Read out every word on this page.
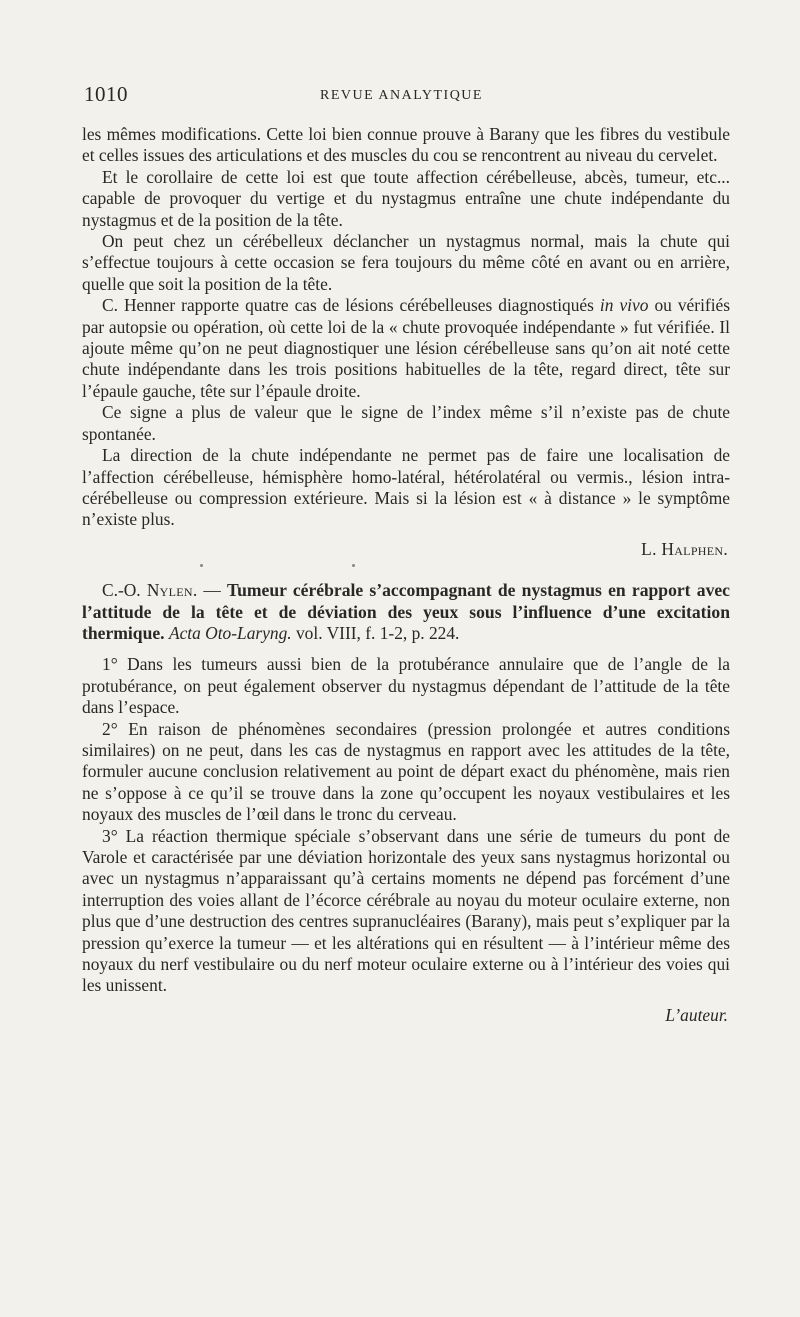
1010	REVUE ANALYTIQUE

les mêmes modifications. Cette loi bien connue prouve à Barany que les fibres du vestibule et celles issues des articulations et des muscles du cou se rencontrent au niveau du cervelet.

Et le corollaire de cette loi est que toute affection cérébelleuse, abcès, tumeur, etc... capable de provoquer du vertige et du nystagmus entraîne une chute indépendante du nystagmus et de la position de la tête.

On peut chez un cérébelleux déclancher un nystagmus normal, mais la chute qui s’effectue toujours à cette occasion se fera toujours du même côté en avant ou en arrière, quelle que soit la position de la tête.

C. Henner rapporte quatre cas de lésions cérébelleuses diagnostiqués in vivo ou vérifiés par autopsie ou opération, où cette loi de la « chute provoquée indépendante » fut vérifiée. Il ajoute même qu’on ne peut diagnostiquer une lésion cérébelleuse sans qu’on ait noté cette chute indépendante dans les trois positions habituelles de la tête, regard direct, tête sur l’épaule gauche, tête sur l’épaule droite.

Ce signe a plus de valeur que le signe de l’index même s’il n’existe pas de chute spontanée.

La direction de la chute indépendante ne permet pas de faire une localisation de l’affection cérébelleuse, hémisphère homo-latéral, hétérolatéral ou vermis., lésion intra-cérébelleuse ou compression extérieure. Mais si la lésion est « à distance » le symptôme n’existe plus.

L. Halphen.
C.-O. Nylen. — Tumeur cérébrale s’accompagnant de nystagmus en rapport avec l’attitude de la tête et de déviation des yeux sous l’influence d’une excitation thermique. Acta Oto-Laryng. vol. VIII, f. 1-2, p. 224.

1° Dans les tumeurs aussi bien de la protubérance annulaire que de l’angle de la protubérance, on peut également observer du nystagmus dépendant de l’attitude de la tête dans l’espace.

2° En raison de phénomènes secondaires (pression prolongée et autres conditions similaires) on ne peut, dans les cas de nystagmus en rapport avec les attitudes de la tête, formuler aucune conclusion relativement au point de départ exact du phénomène, mais rien ne s’oppose à ce qu’il se trouve dans la zone qu’occupent les noyaux vestibulaires et les noyaux des muscles de l’œil dans le tronc du cerveau.

3° La réaction thermique spéciale s’observant dans une série de tumeurs du pont de Varole et caractérisée par une déviation horizontale des yeux sans nystagmus horizontal ou avec un nystagmus n’apparaissant qu’à certains moments ne dépend pas forcément d’une interruption des voies allant de l’écorce cérébrale au noyau du moteur oculaire externe, non plus que d’une destruction des centres supranucléaires (Barany), mais peut s’expliquer par la pression qu’exerce la tumeur — et les altérations qui en résultent — à l’intérieur même des noyaux du nerf vestibulaire ou du nerf moteur oculaire externe ou à l’intérieur des voies qui les unissent.

L’auteur.
